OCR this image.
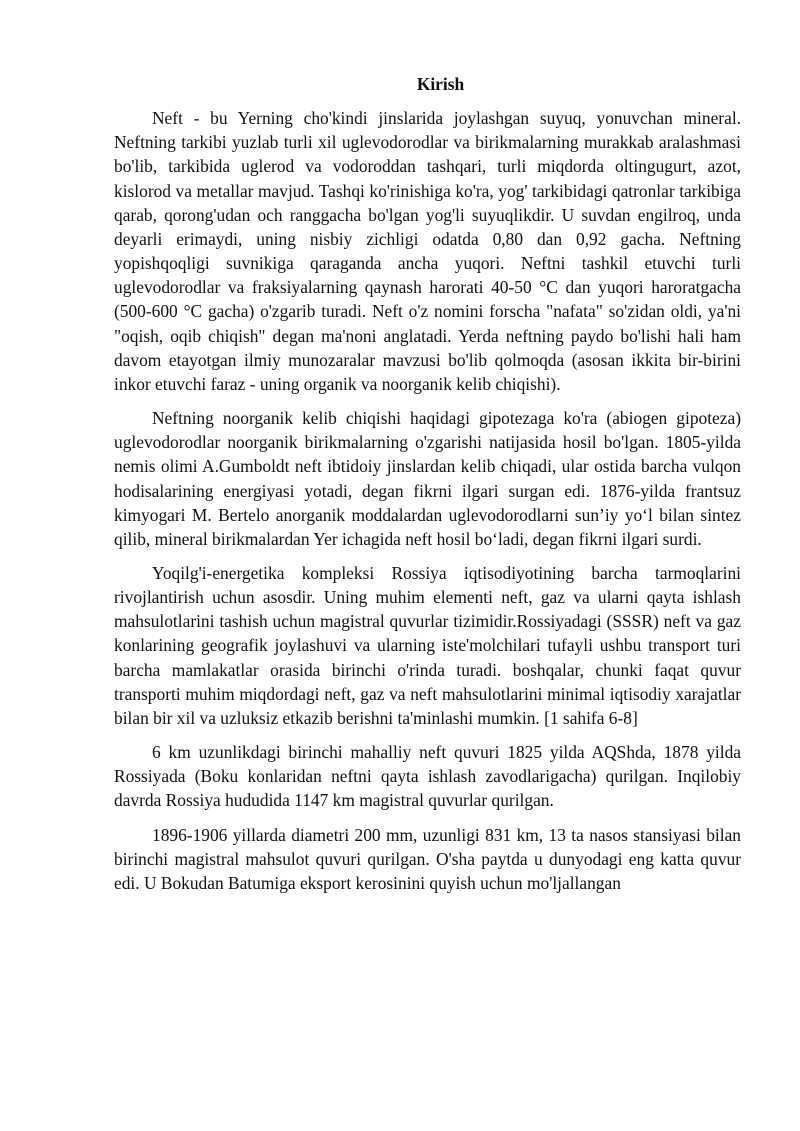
Kirish

Neft - bu Yerning cho'kindi jinslarida joylashgan suyuq, yonuvchan mineral. Neftning tarkibi yuzlab turli xil uglevodorodlar va birikmalarning murakkab aralashmasi bo'lib, tarkibida uglerod va vodoroddan tashqari, turli miqdorda oltingugurt, azot, kislorod va metallar mavjud. Tashqi ko'rinishiga ko'ra, yog' tarkibidagi qatronlar tarkibiga qarab, qorong'udan och ranggacha bo'lgan yog'li suyuqlikdir. U suvdan engilroq, unda deyarli erimaydi, uning nisbiy zichligi odatda 0,80 dan 0,92 gacha. Neftning yopishqoqligi suvnikiga qaraganda ancha yuqori. Neftni tashkil etuvchi turli uglevodorodlar va fraksiyalarning qaynash harorati 40-50 °C dan yuqori haroratgacha (500-600 °C gacha) o'zgarib turadi. Neft o'z nomini forscha "nafata" so'zidan oldi, ya'ni "oqish, oqib chiqish" degan ma'noni anglatadi. Yerda neftning paydo bo'lishi hali ham davom etayotgan ilmiy munozaralar mavzusi bo'lib qolmoqda (asosan ikkita bir-birini inkor etuvchi faraz - uning organik va noorganik kelib chiqishi).

Neftning noorganik kelib chiqishi haqidagi gipotezaga ko'ra (abiogen gipoteza) uglevodorodlar noorganik birikmalarning o'zgarishi natijasida hosil bo'lgan. 1805-yilda nemis olimi A.Gumboldt neft ibtidoiy jinslardan kelib chiqadi, ular ostida barcha vulqon hodisalarining energiyasi yotadi, degan fikrni ilgari surgan edi. 1876-yilda frantsuz kimyogari M. Bertelo anorganik moddalardan uglevodorodlarni sun’iy yo‘l bilan sintez qilib, mineral birikmalardan Yer ichagida neft hosil bo‘ladi, degan fikrni ilgari surdi.

Yoqilg'i-energetika kompleksi Rossiya iqtisodiyotining barcha tarmoqlarini rivojlantirish uchun asosdir. Uning muhim elementi neft, gaz va ularni qayta ishlash mahsulotlarini tashish uchun magistral quvurlar tizimidir.Rossiyadagi (SSSR) neft va gaz konlarining geografik joylashuvi va ularning iste'molchilari tufayli ushbu transport turi barcha mamlakatlar orasida birinchi o'rinda turadi. boshqalar, chunki faqat quvur transporti muhim miqdordagi neft, gaz va neft mahsulotlarini minimal iqtisodiy xarajatlar bilan bir xil va uzluksiz etkazib berishni ta'minlashi mumkin. [1 sahifa 6-8]

6 km uzunlikdagi birinchi mahalliy neft quvuri 1825 yilda AQShda, 1878 yilda Rossiyada (Boku konlaridan neftni qayta ishlash zavodlarigacha) qurilgan. Inqilobiy davrda Rossiya hududida 1147 km magistral quvurlar qurilgan.

1896-1906 yillarda diametri 200 mm, uzunligi 831 km, 13 ta nasos stansiyasi bilan birinchi magistral mahsulot quvuri qurilgan. O'sha paytda u dunyodagi eng katta quvur edi. U Bokudan Batumiga eksport kerosinini quyish uchun mo'ljallangan
